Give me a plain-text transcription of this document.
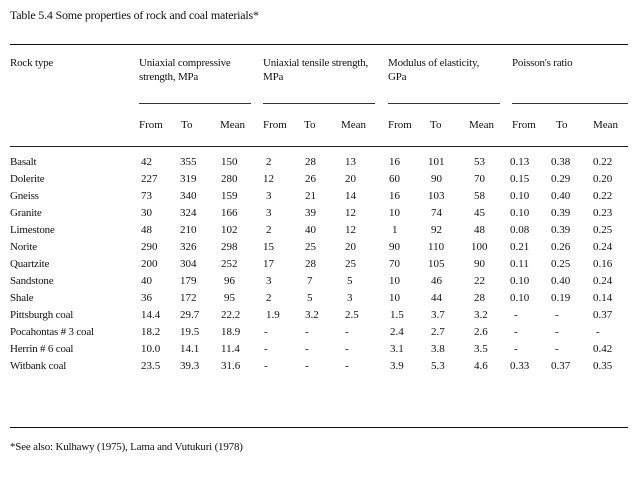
Table 5.4 Some properties of rock and coal materials*
Rock type	Uniaxial compressive
strength, MPa
Uniaxial tensile strength,
MPa
Modulus of elasticity,
GPa
Poisson's ratio
From To	Mean From To Mean From To	Mean From To Mean
Basalt	42	355 150	2	28	13	16	101	53 0.13 0.38 0.22
Dolerite	227 319 280 12	26	20	60	90	70 0.15 0.29 0.20
Gneiss	73	340 159	3	21	14	16	103	58 0.10 0.40 0.22
Granite	30	324 166	3	39	12	10	74	45 0.10 0.39 0.23
Limestone	48	210 102	2	40	12	1	92	48 0.08 0.39 0.25
Norite	290 326 298 15	25	20	90	110 100 0.21 0.26 0.24
Quartzite	200 304 252 17	28	25	70	105	90 0.11 0.25 0.16
Sandstone	40	179	96	3	7	5	10	46	22 0.10 0.40 0.24
Shale	36	172	95	2	5	3	10	44	28 0.10 0.19 0.14
Pittsburgh coal	14.4 29.7 22.2 1.9 3.2 2.5	1.5 3.7	3.2 -	-	0.37
Pocahontas # 3 coal	18.2 19.5 18.9 -	-	-	2.4 2.7	2.6 -	-	-
Herrin # 6 coal	10.0 14.1 11.4 -	-	-	3.1 3.8	3.5 -	-	0.42
Witbank coal	23.5 39.3 31.6 -	-	-	3.9 5.3	4.6 0.33 0.37 0.35
*See also: Kulhawy (1975), Lama and Vutukuri (1978)
